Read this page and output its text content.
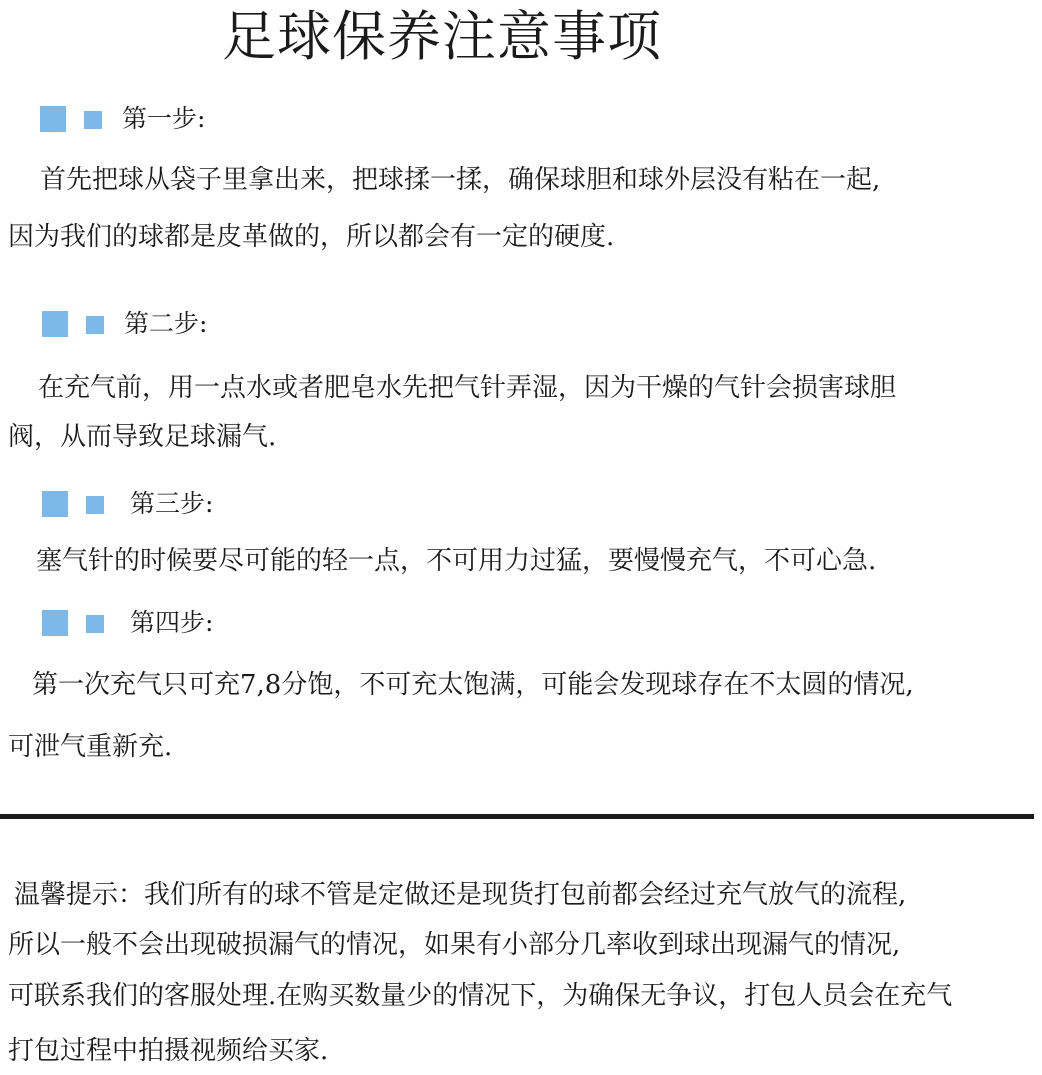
足球保养注意事项
第一步:
首先把球从袋子里拿出来，把球揉一揉，确保球胆和球外层没有粘在一起,
因为我们的球都是皮革做的，所以都会有一定的硬度.
第二步:
在充气前，用一点水或者肥皂水先把气针弄湿，因为干燥的气针会损害球胆
阀，从而导致足球漏气.
第三步:
塞气针的时候要尽可能的轻一点，不可用力过猛，要慢慢充气，不可心急.
第四步:
第一次充气只可充7,8分饱，不可充太饱满，可能会发现球存在不太圆的情况,
可泄气重新充.
温馨提示：我们所有的球不管是定做还是现货打包前都会经过充气放气的流程,
所以一般不会出现破损漏气的情况，如果有小部分几率收到球出现漏气的情况,
可联系我们的客服处理.在购买数量少的情况下，为确保无争议，打包人员会在充气
打包过程中拍摄视频给买家.
